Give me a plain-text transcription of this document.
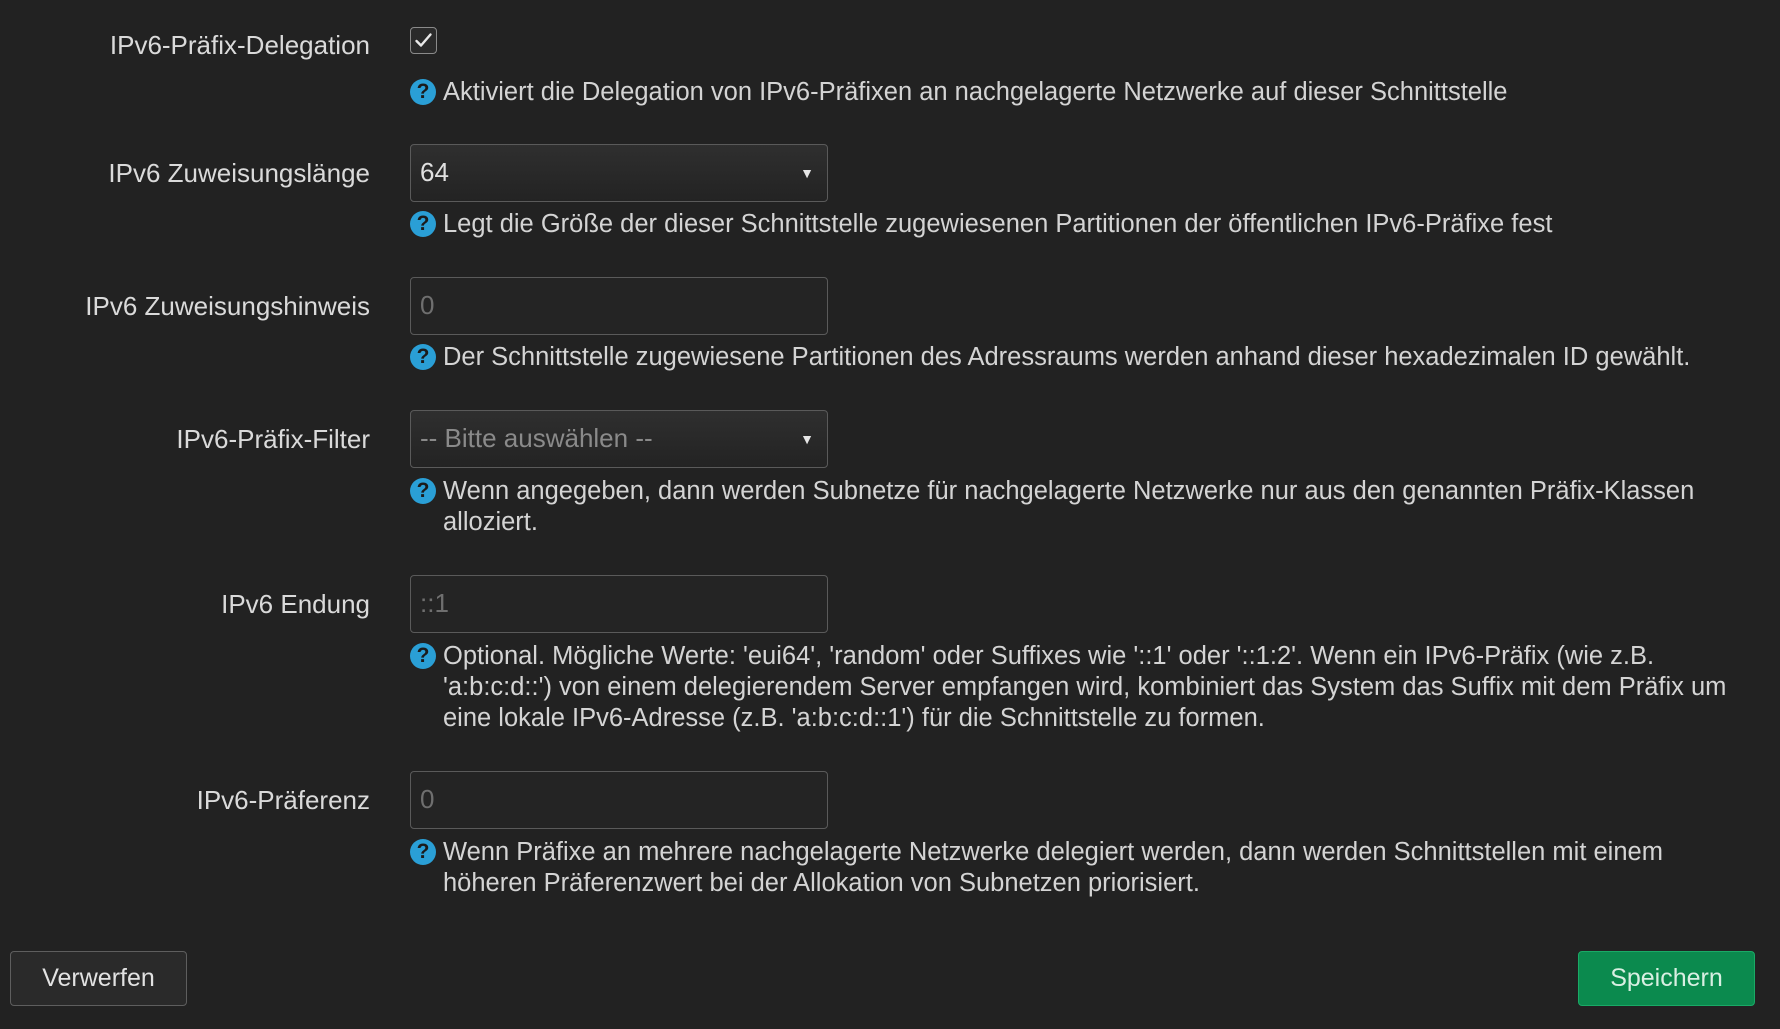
IPv6-Präfix-Delegation
? Aktiviert die Delegation von IPv6-Präfixen an nachgelagerte Netzwerke auf dieser Schnittstelle
IPv6 Zuweisungslänge	64	▼
? Legt die Größe der dieser Schnittstelle zugewiesenen Partitionen der öffentlichen IPv6-Präfixe fest
IPv6 Zuweisungshinweis	0
? Der Schnittstelle zugewiesene Partitionen des Adressraums werden anhand dieser hexadezimalen ID gewählt.
IPv6-Präfix-Filter	-- Bitte auswählen --	▼
? Wenn angegeben, dann werden Subnetze für nachgelagerte Netzwerke nur aus den genannten Präfix-Klassen alloziert.
IPv6 Endung	::1
? Optional. Mögliche Werte: 'eui64', 'random' oder Suffixes wie '::1' oder '::1:2'. Wenn ein IPv6-Präfix (wie z.B. 'a:b:c:d::') von einem delegierendem Server empfangen wird, kombiniert das System das Suffix mit dem Präfix um eine lokale IPv6-Adresse (z.B. 'a:b:c:d::1') für die Schnittstelle zu formen.
IPv6-Präferenz	0
? Wenn Präfixe an mehrere nachgelagerte Netzwerke delegiert werden, dann werden Schnittstellen mit einem höheren Präferenzwert bei der Allokation von Subnetzen priorisiert.
Verwerfen	Speichern
